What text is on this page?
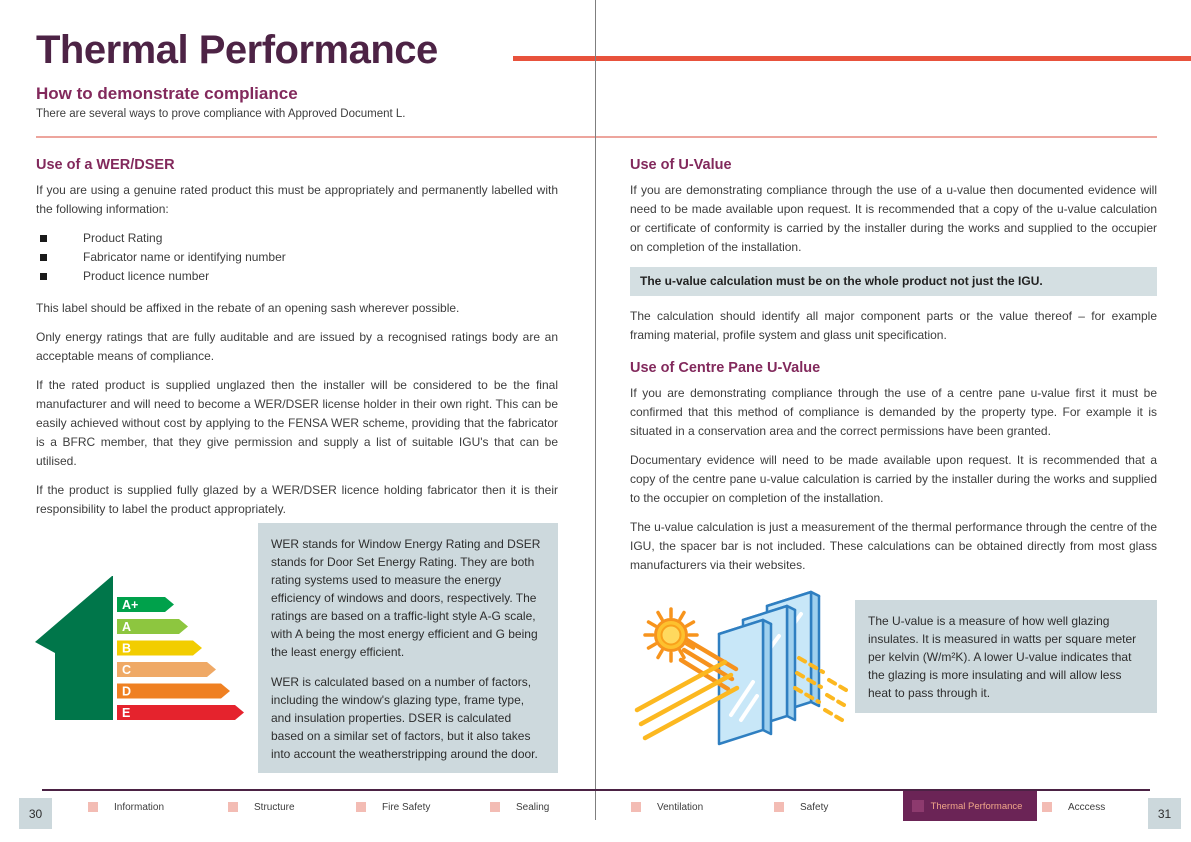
Thermal Performance
How to demonstrate compliance
There are several ways to prove compliance with Approved Document L.
Use of a WER/DSER

If you are using a genuine rated product this must be appropriately and permanently labelled with the following information:

Product Rating
Fabricator name or identifying number
Product licence number

This label should be affixed in the rebate of an opening sash wherever possible.

Only energy ratings that are fully auditable and are issued by a recognised ratings body are an acceptable means of compliance.

If the rated product is supplied unglazed then the installer will be considered to be the final manufacturer and will need to become a WER/DSER license holder in their own right. This can be easily achieved without cost by applying to the FENSA WER scheme, providing that the fabricator is a BFRC member, that they give permission and supply a list of suitable IGU's that can be utilised.

If the product is supplied fully glazed by a WER/DSER licence holding fabricator then it is their responsibility to label the product appropriately.

A+
A
B
C
D
E

WER stands for Window Energy Rating and DSER stands for Door Set Energy Rating. They are both rating systems used to measure the energy efficiency of windows and doors, respectively. The ratings are based on a traffic-light style A-G scale, with A being the most energy efficient and G being the least energy efficient.

WER is calculated based on a number of factors, including the window's glazing type, frame type, and insulation properties. DSER is calculated based on a similar set of factors, but it also takes into account the weatherstripping around the door.

Use of U-Value

If you are demonstrating compliance through the use of a u-value then documented evidence will need to be made available upon request. It is recommended that a copy of the u-value calculation or certificate of conformity is carried by the installer during the works and supplied to the occupier on completion of the installation.

The u-value calculation must be on the whole product not just the IGU.

The calculation should identify all major component parts or the value thereof – for example framing material, profile system and glass unit specification.

Use of Centre Pane U-Value

If you are demonstrating compliance through the use of a centre pane u-value first it must be confirmed that this method of compliance is demanded by the property type. For example it is situated in a conservation area and the correct permissions have been granted.

Documentary evidence will need to be made available upon request. It is recommended that a copy of the centre pane u-value calculation is carried by the installer during the works and supplied to the occupier on completion of the installation.

The u-value calculation is just a measurement of the thermal performance through the centre of the IGU, the spacer bar is not included. These calculations can be obtained directly from most glass manufacturers via their websites.

The U-value is a measure of how well glazing insulates. It is measured in watts per square meter per kelvin (W/m²K). A lower U-value indicates that the glazing is more insulating and will allow less heat to pass through it.

30	31
Information	Structure	Fire Safety	Sealing	Ventilation	Safety	Thermal Performance	Acccess
